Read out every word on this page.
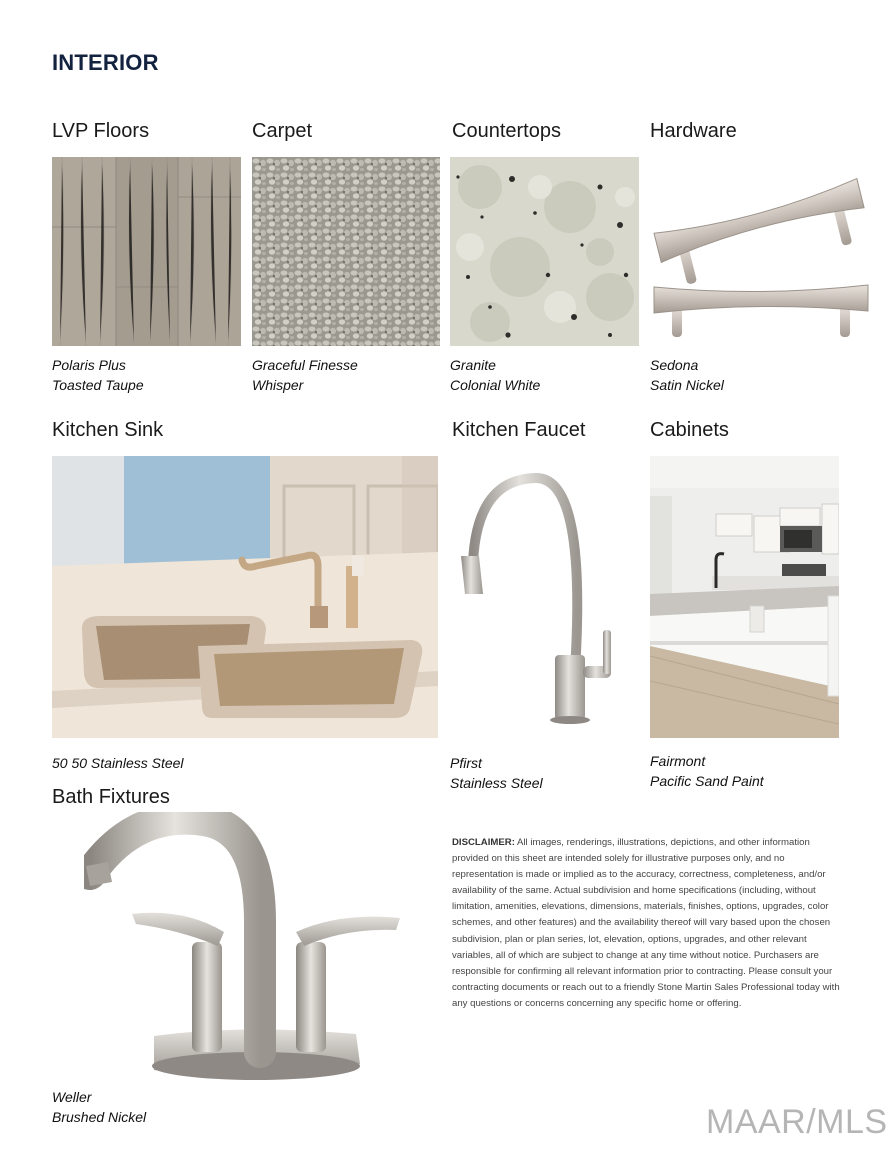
INTERIOR
LVP Floors	Carpet	Countertops	Hardware
Polaris Plus
Toasted Taupe
Graceful Finesse
Whisper
Granite
Colonial White
Sedona
Satin Nickel
Kitchen Sink	Kitchen Faucet	Cabinets
50 50 Stainless Steel	Pfirst
Stainless Steel
Fairmont
Pacific Sand Paint
Bath Fixtures
Weller
Brushed Nickel
DISCLAIMER: All images, renderings, illustrations, depictions, and other information provided on this sheet are intended solely for illustrative purposes only, and no representation is made or implied as to the accuracy, correctness, completeness, and/or availability of the same. Actual subdivision and home specifications (including, without limitation, amenities, elevations, dimensions, materials, finishes, options, upgrades, color schemes, and other features) and the availability thereof will vary based upon the chosen subdivision, plan or plan series, lot, elevation, options, upgrades, and other relevant variables, all of which are subject to change at any time without notice. Purchasers are responsible for confirming all relevant information prior to contracting. Please consult your contracting documents or reach out to a friendly Stone Martin Sales Professional today with any questions or concerns concerning any specific home or offering.
MAAR/MLS
